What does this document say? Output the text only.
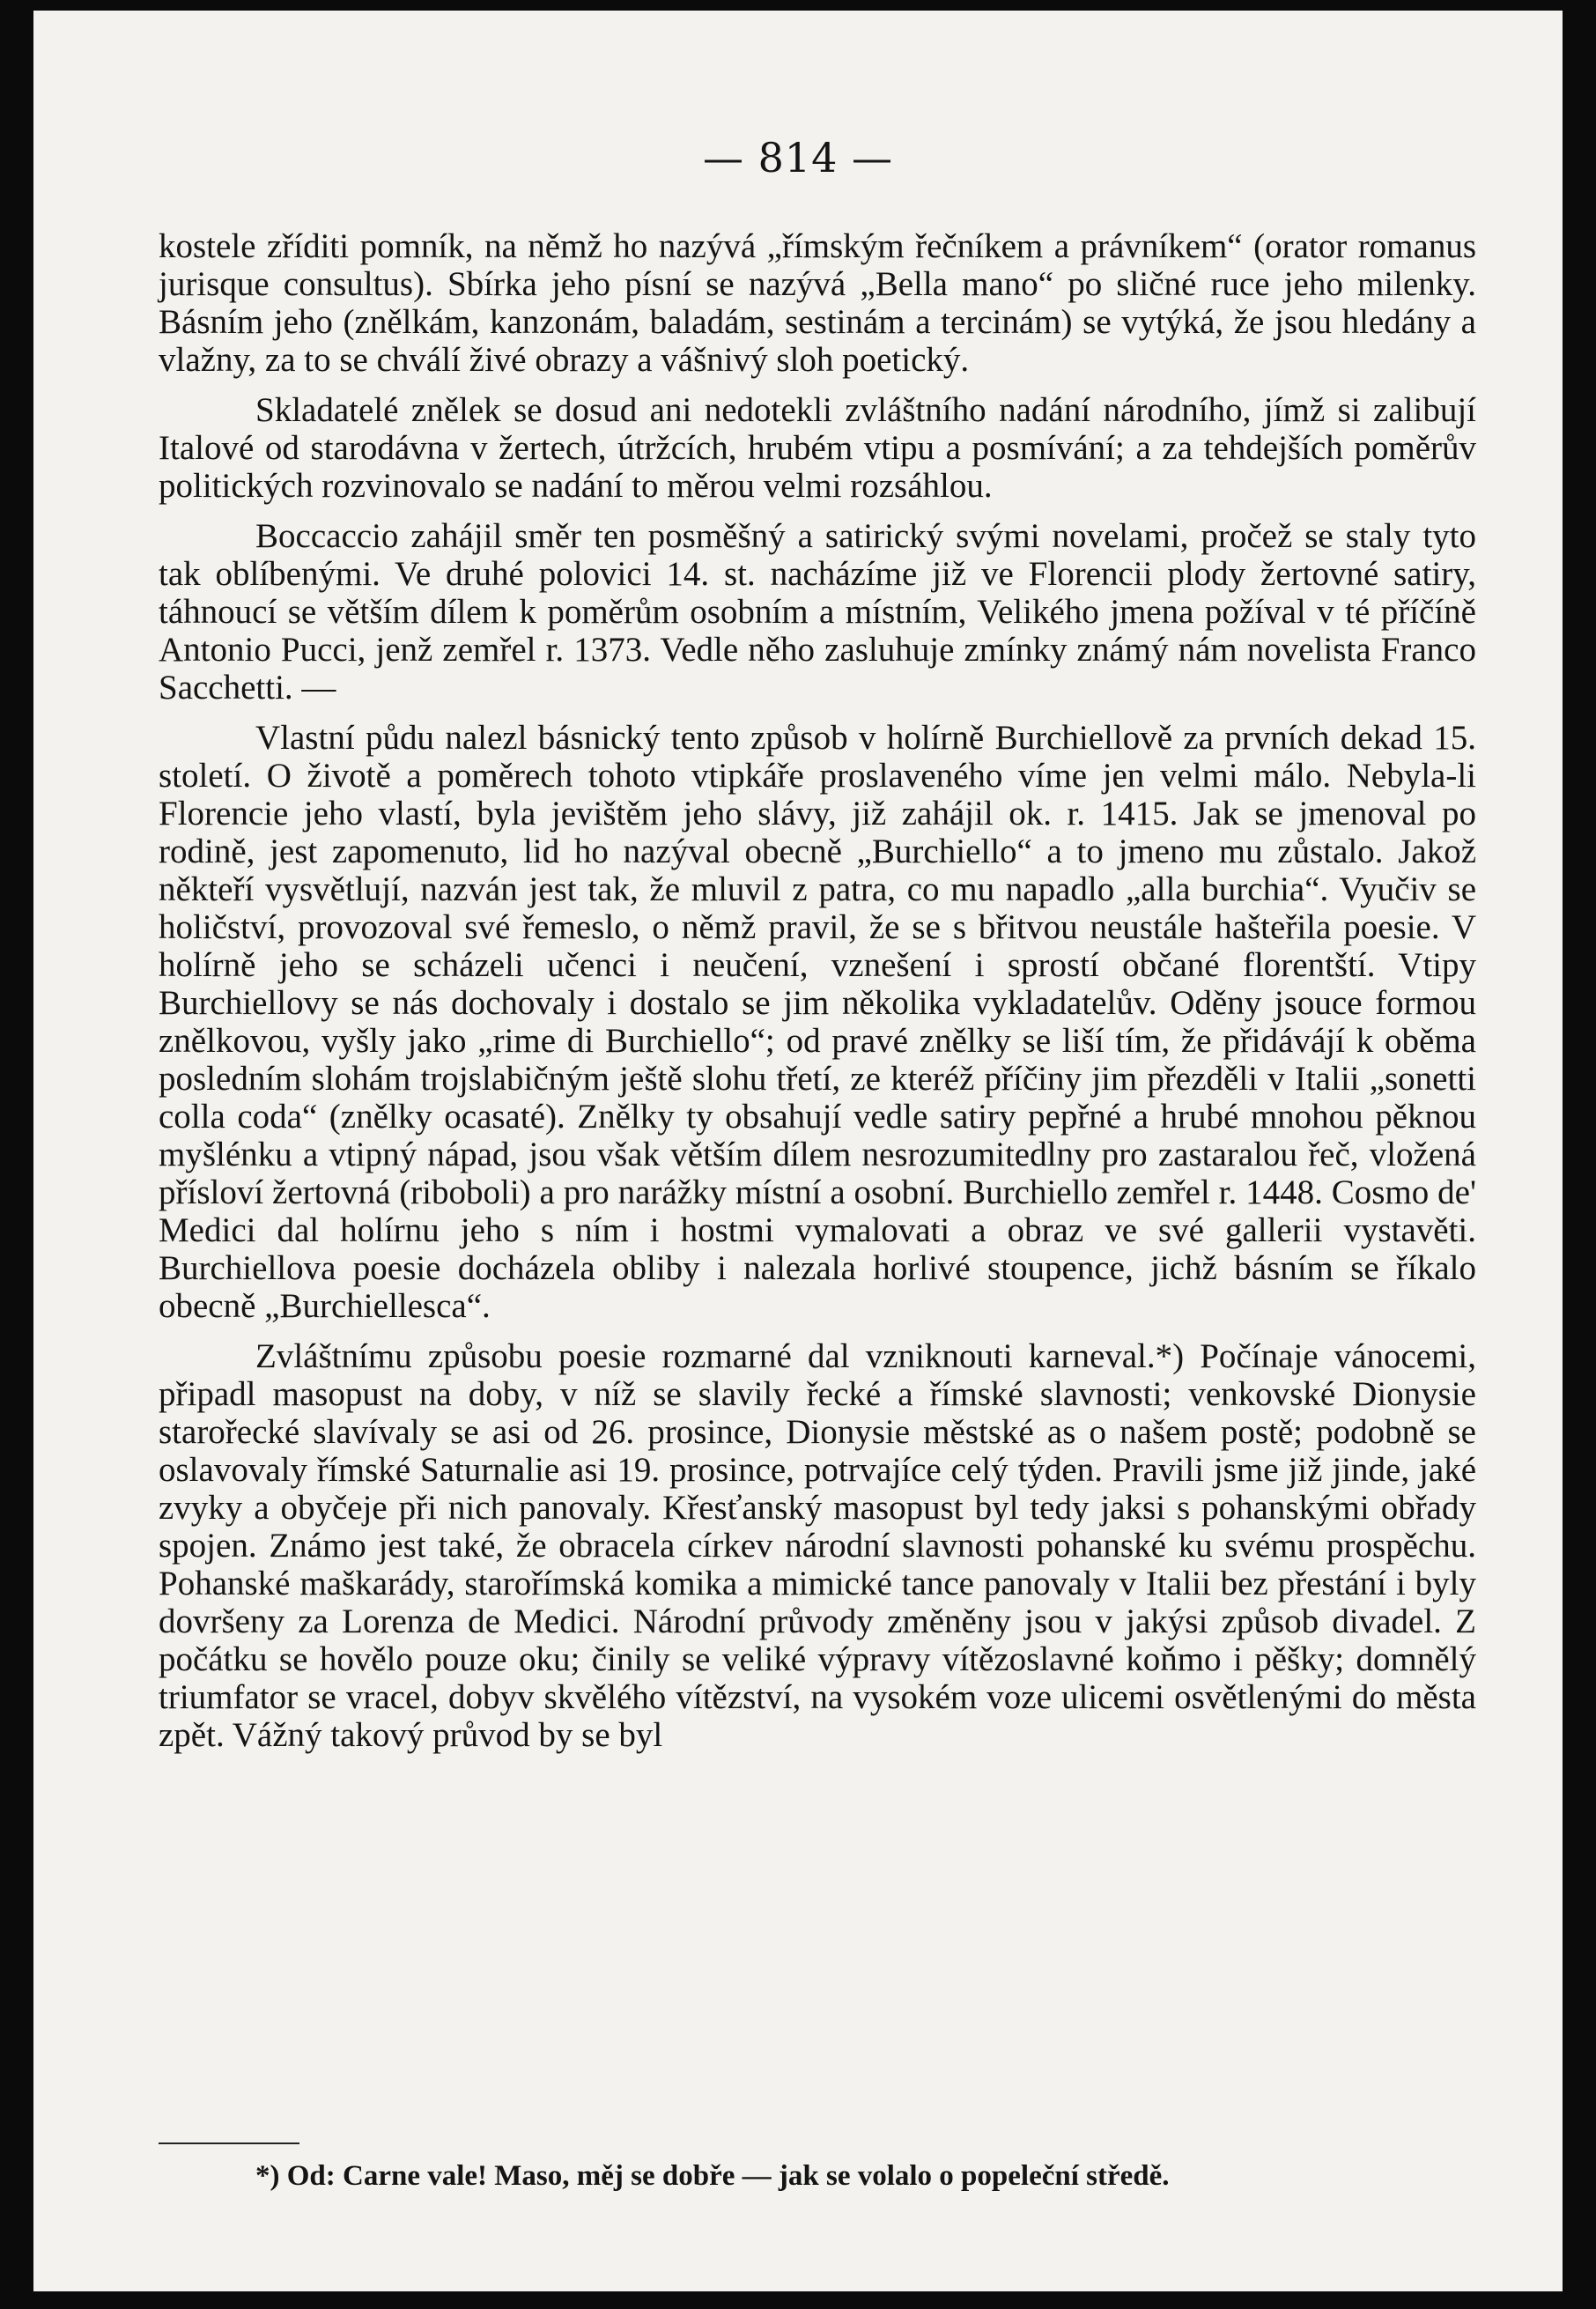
— 814 —

kostele zříditi pomník, na němž ho nazývá „římským řečníkem a právníkem“ (orator romanus jurisque consultus). Sbírka jeho písní se nazývá „Bella mano“ po sličné ruce jeho milenky. Básním jeho (znělkám, kanzonám, baladám, sestinám a tercinám) se vytýká, že jsou hledány a vlažny, za to se chválí živé obrazy a vášnivý sloh poetický.

Skladatelé znělek se dosud ani nedotekli zvláštního nadání národního, jímž si zalibují Italové od starodávna v žertech, útržcích, hrubém vtipu a posmívání; a za tehdejších poměrův politických rozvinovalo se nadání to měrou velmi rozsáhlou.

Boccaccio zahájil směr ten posměšný a satirický svými novelami, pročež se staly tyto tak oblíbenými. Ve druhé polovici 14. st. nacházíme již ve Florencii plody žertovné satiry, táhnoucí se větším dílem k poměrům osobním a místním, Velikého jmena požíval v té příčíně Antonio Pucci, jenž zemřel r. 1373. Vedle něho zasluhuje zmínky známý nám novelista Franco Sacchetti. —

Vlastní půdu nalezl básnický tento způsob v holírně Burchiellově za prvních dekad 15. století. O životě a poměrech tohoto vtipkáře proslaveného víme jen velmi málo. Nebyla-li Florencie jeho vlastí, byla jevištěm jeho slávy, již zahájil ok. r. 1415. Jak se jmenoval po rodině, jest zapomenuto, lid ho nazýval obecně „Burchiello“ a to jmeno mu zůstalo. Jakož někteří vysvětlují, nazván jest tak, že mluvil z patra, co mu napadlo „alla burchia“. Vyučiv se holičství, provozoval své řemeslo, o němž pravil, že se s břitvou neustále hašteřila poesie. V holírně jeho se scházeli učenci i neučení, vznešení i sprostí občané florentští. Vtipy Burchiellovy se nás dochovaly i dostalo se jim několika vykladatelův. Oděny jsouce formou znělkovou, vyšly jako „rime di Burchiello“; od pravé znělky se liší tím, že přidávájí k oběma posledním slohám trojslabičným ještě slohu třetí, ze kteréž příčiny jim přezděli v Italii „sonetti colla coda“ (znělky ocasaté). Znělky ty obsahují vedle satiry pepřné a hrubé mnohou pěknou myšlénku a vtipný nápad, jsou však větším dílem nesrozumitedlny pro zastaralou řeč, vložená přísloví žertovná (riboboli) a pro narážky místní a osobní. Burchiello zemřel r. 1448. Cosmo de' Medici dal holírnu jeho s ním i hostmi vymalovati a obraz ve své gallerii vystavěti. Burchiellova poesie docházela obliby i nalezala horlivé stoupence, jichž básním se říkalo obecně „Burchiellesca“.

Zvláštnímu způsobu poesie rozmarné dal vzniknouti karneval.*) Počínaje vánocemi, připadl masopust na doby, v níž se slavily řecké a římské slavnosti; venkovské Dionysie starořecké slavívaly se asi od 26. prosince, Dionysie městské as o našem postě; podobně se oslavovaly římské Saturnalie asi 19. prosince, potrvajíce celý týden. Pravili jsme již jinde, jaké zvyky a obyčeje při nich panovaly. Křesťanský masopust byl tedy jaksi s pohanskými obřady spojen. Známo jest také, že obracela církev národní slavnosti pohanské ku svému prospěchu. Pohanské maškarády, starořímská komika a mimické tance panovaly v Italii bez přestání i byly dovršeny za Lorenza de Medici. Národní průvody změněny jsou v jakýsi způsob divadel. Z počátku se hovělo pouze oku; činily se veliké výpravy vítězoslavné koňmo i pěšky; domnělý triumfator se vracel, dobyv skvělého vítězství, na vysokém voze ulicemi osvětlenými do města zpět. Vážný takový průvod by se byl

*) Od: Carne vale! Maso, měj se dobře — jak se volalo o popeleční středě.
